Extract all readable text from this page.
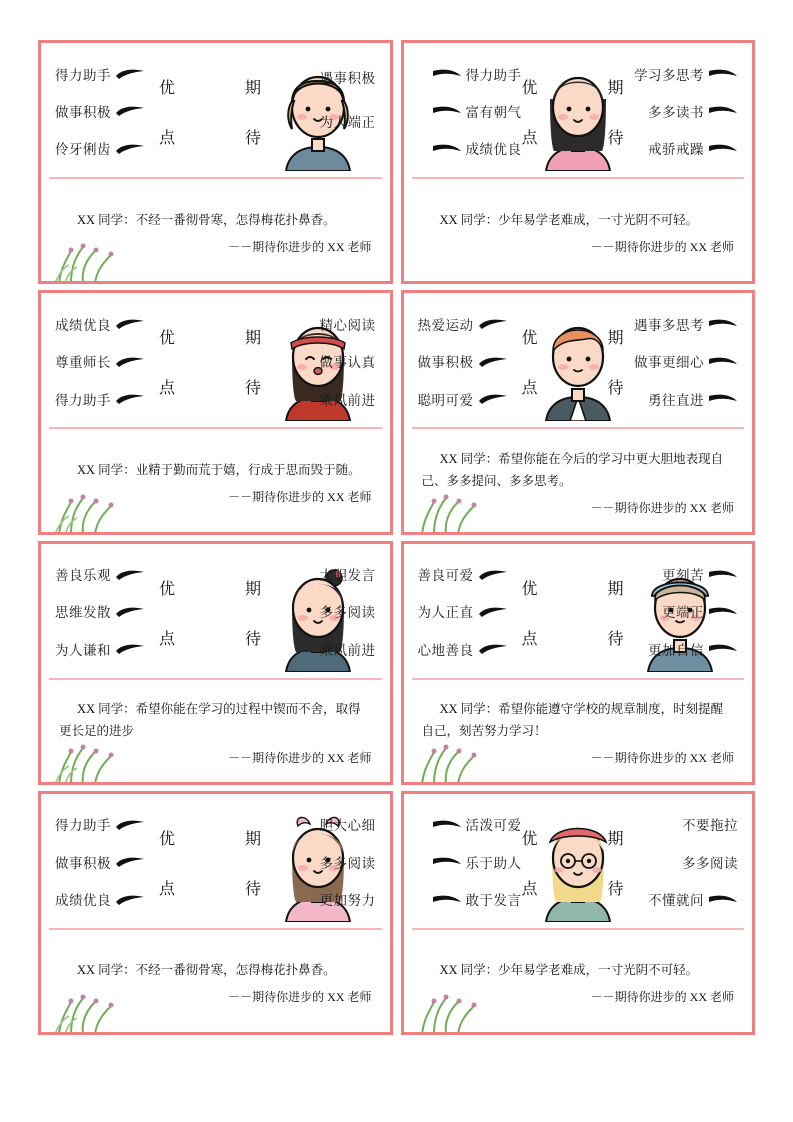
得力助手
做事积极
伶牙俐齿
优
点
期
待
遇事积极
为人端正
XX 同学：不经一番彻骨寒，怎得梅花扑鼻香。
－－期待你进步的 XX 老师
得力助手
富有朝气
成绩优良
优
点
期
待
学习多思考
多多读书
戒骄戒躁
XX 同学：少年易学老难成，一寸光阴不可轻。
－－期待你进步的 XX 老师
成绩优良
尊重师长
得力助手
优
点
期
待
精心阅读
做事认真
乘风前进
XX 同学：业精于勤而荒于嬉，行成于思而毁于随。
－－期待你进步的 XX 老师
热爱运动
做事积极
聪明可爱
优
点
期
待
遇事多思考
做事更细心
勇往直进
XX 同学：希望你能在今后的学习中更大胆地表现自己、多多提问、多多思考。
－－期待你进步的 XX 老师
善良乐观
思维发散
为人谦和
优
点
期
待
大胆发言
多多阅读
乘风前进
XX 同学：希望你能在学习的过程中锲而不舍，取得更长足的进步
－－期待你进步的 XX 老师
善良可爱
为人正直
心地善良
优
点
期
待
更刻苦
更端正
更加自信
XX 同学：希望你能遵守学校的规章制度，时刻提醒自己，刻苦努力学习！
－－期待你进步的 XX 老师
得力助手
做事积极
成绩优良
优
点
期
待
胆大心细
多多阅读
更加努力
XX 同学：不经一番彻骨寒，怎得梅花扑鼻香。
－－期待你进步的 XX 老师
活泼可爱
乐于助人
敢于发言
优
点
期
待
不要拖拉
多多阅读
不懂就问
XX 同学：少年易学老难成，一寸光阴不可轻。
－－期待你进步的 XX 老师
